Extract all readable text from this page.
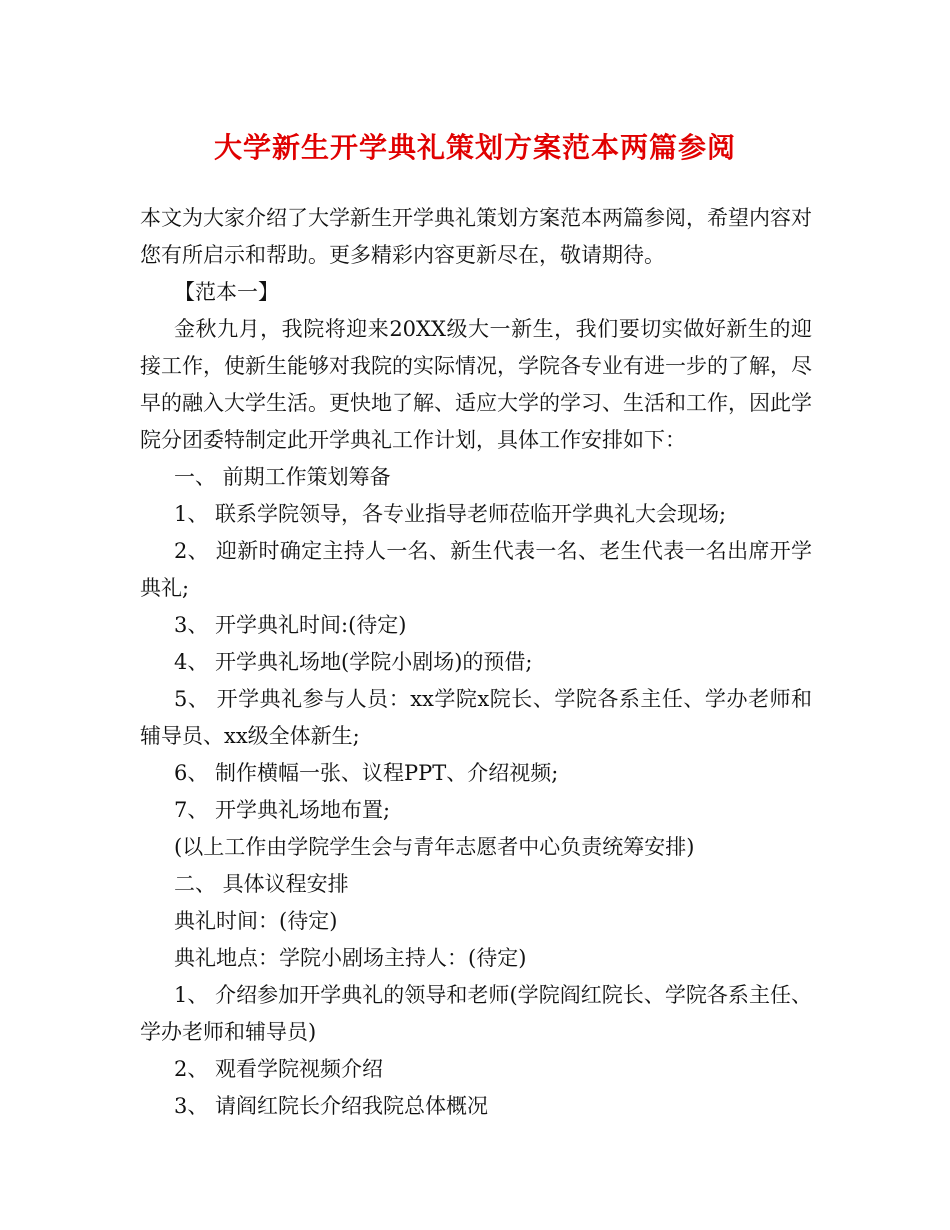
大学新生开学典礼策划方案范本两篇参阅

本文为大家介绍了大学新生开学典礼策划方案范本两篇参阅，希望内容对您有所启示和帮助。更多精彩内容更新尽在，敬请期待。

【范本一】

金秋九月，我院将迎来20XX级大一新生，我们要切实做好新生的迎接工作，使新生能够对我院的实际情况，学院各专业有进一步的了解，尽早的融入大学生活。更快地了解、适应大学的学习、生活和工作，因此学院分团委特制定此开学典礼工作计划，具体工作安排如下：

一、 前期工作策划筹备

1、 联系学院领导，各专业指导老师莅临开学典礼大会现场;

2、 迎新时确定主持人一名、新生代表一名、老生代表一名出席开学典礼;

3、 开学典礼时间:(待定)

4、 开学典礼场地(学院小剧场)的预借;

5、 开学典礼参与人员：xx学院x院长、学院各系主任、学办老师和辅导员、xx级全体新生;

6、 制作横幅一张、议程PPT、介绍视频;

7、 开学典礼场地布置;

(以上工作由学院学生会与青年志愿者中心负责统筹安排)

二、 具体议程安排

典礼时间：(待定)

典礼地点：学院小剧场主持人：(待定)

1、 介绍参加开学典礼的领导和老师(学院阎红院长、学院各系主任、学办老师和辅导员)

2、 观看学院视频介绍

3、 请阎红院长介绍我院总体概况
